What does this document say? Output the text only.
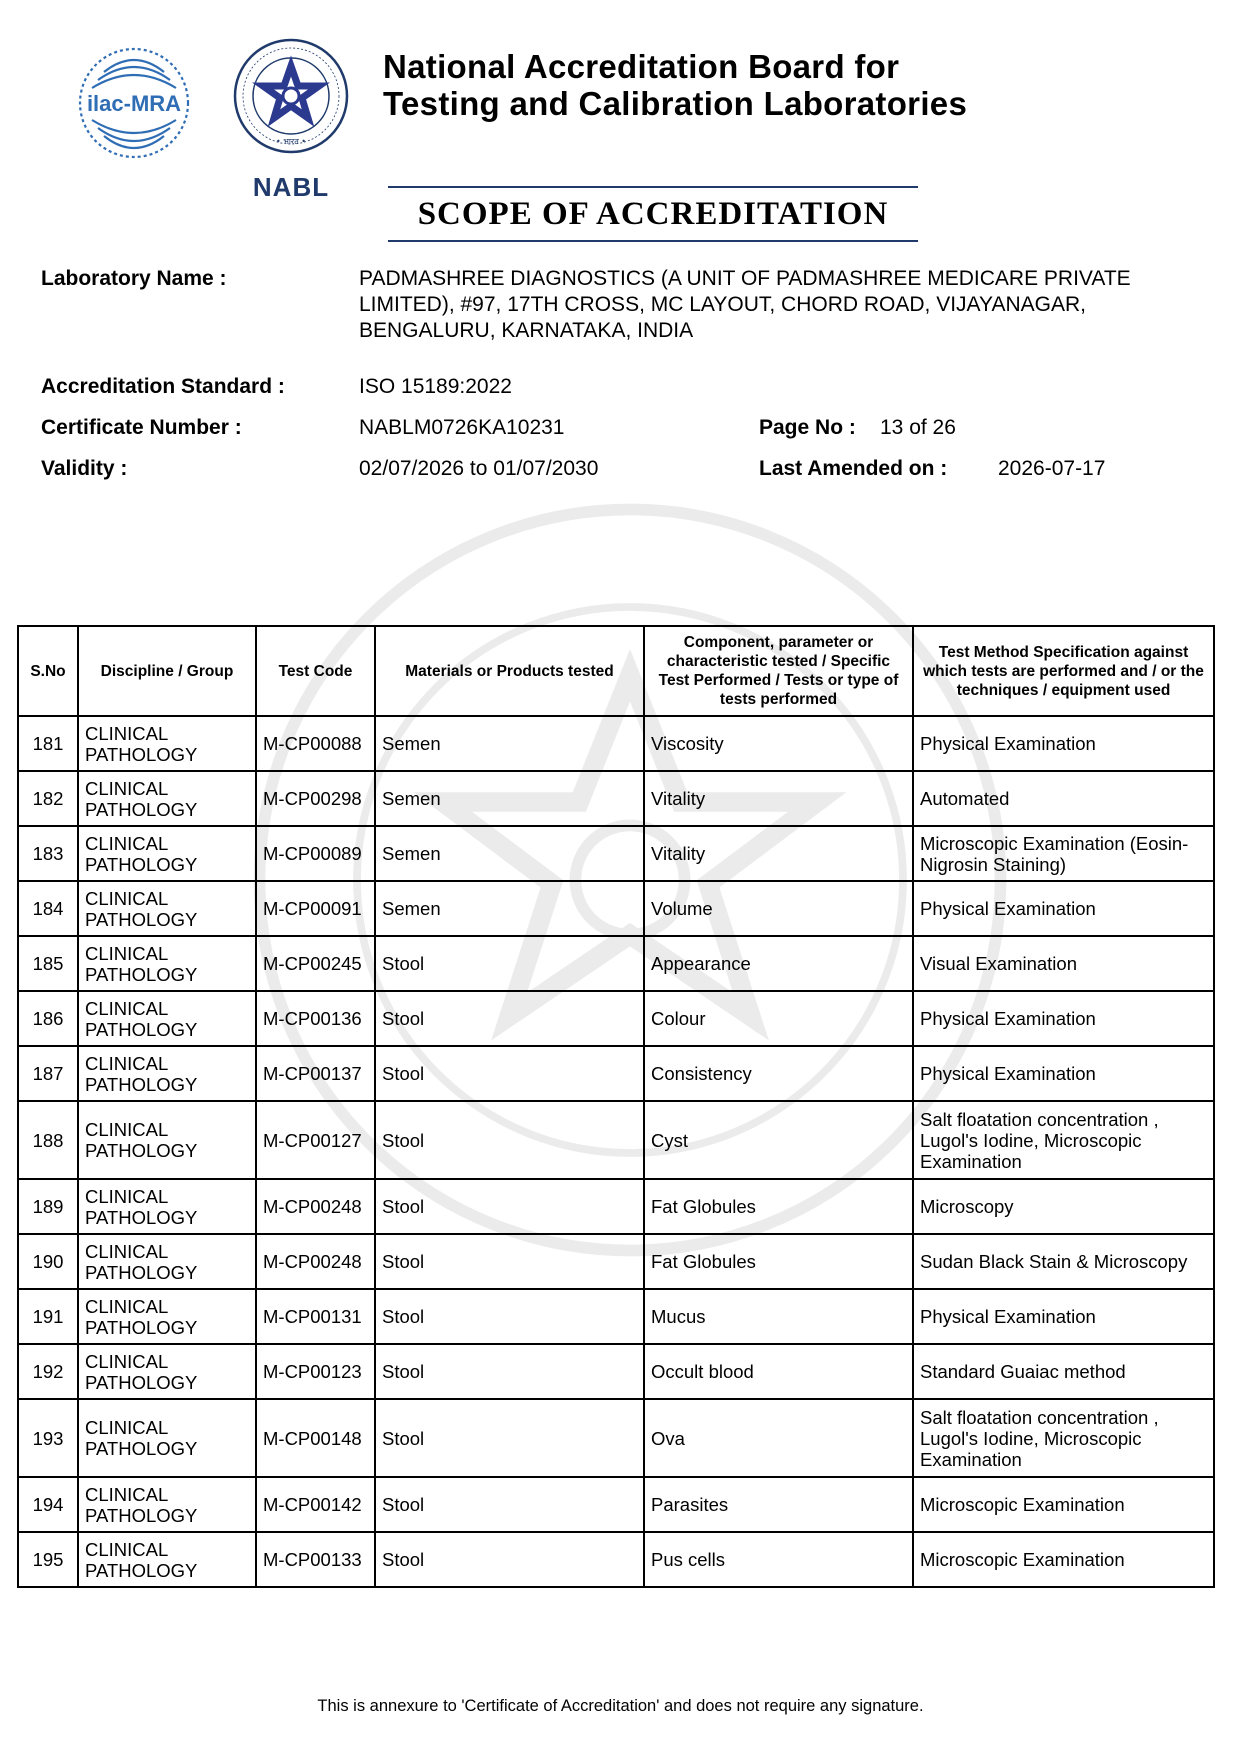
ilac-MRA
• भारत •
NABL
National Accreditation Board for
Testing and Calibration Laboratories
SCOPE OF ACCREDITATION
Laboratory Name :	PADMASHREE DIAGNOSTICS (A UNIT OF PADMASHREE MEDICARE PRIVATE LIMITED), #97, 17TH CROSS, MC LAYOUT, CHORD ROAD, VIJAYANAGAR, BENGALURU, KARNATAKA, INDIA
Accreditation Standard :	ISO 15189:2022
Certificate Number :	NABLM0726KA10231	Page No : 13 of 26
Validity :	02/07/2026 to 01/07/2030	Last Amended on : 2026-07-17
S.No	Discipline / Group	Test Code	Materials or Products tested	Component, parameter or characteristic tested / Specific Test Performed / Tests or type of tests performed	Test Method Specification against which tests are performed and / or the techniques / equipment used
181	CLINICAL PATHOLOGY	M-CP00088	Semen	Viscosity	Physical Examination
182	CLINICAL PATHOLOGY	M-CP00298	Semen	Vitality	Automated
183	CLINICAL PATHOLOGY	M-CP00089	Semen	Vitality	Microscopic Examination (Eosin-Nigrosin Staining)
184	CLINICAL PATHOLOGY	M-CP00091	Semen	Volume	Physical Examination
185	CLINICAL PATHOLOGY	M-CP00245	Stool	Appearance	Visual Examination
186	CLINICAL PATHOLOGY	M-CP00136	Stool	Colour	Physical Examination
187	CLINICAL PATHOLOGY	M-CP00137	Stool	Consistency	Physical Examination
188	CLINICAL PATHOLOGY	M-CP00127	Stool	Cyst	Salt floatation concentration , Lugol's Iodine, Microscopic Examination
189	CLINICAL PATHOLOGY	M-CP00248	Stool	Fat Globules	Microscopy
190	CLINICAL PATHOLOGY	M-CP00248	Stool	Fat Globules	Sudan Black Stain & Microscopy
191	CLINICAL PATHOLOGY	M-CP00131	Stool	Mucus	Physical Examination
192	CLINICAL PATHOLOGY	M-CP00123	Stool	Occult blood	Standard Guaiac method
193	CLINICAL PATHOLOGY	M-CP00148	Stool	Ova	Salt floatation concentration , Lugol's Iodine, Microscopic Examination
194	CLINICAL PATHOLOGY	M-CP00142	Stool	Parasites	Microscopic Examination
195	CLINICAL PATHOLOGY	M-CP00133	Stool	Pus cells	Microscopic Examination
This is annexure to 'Certificate of Accreditation' and does not require any signature.
